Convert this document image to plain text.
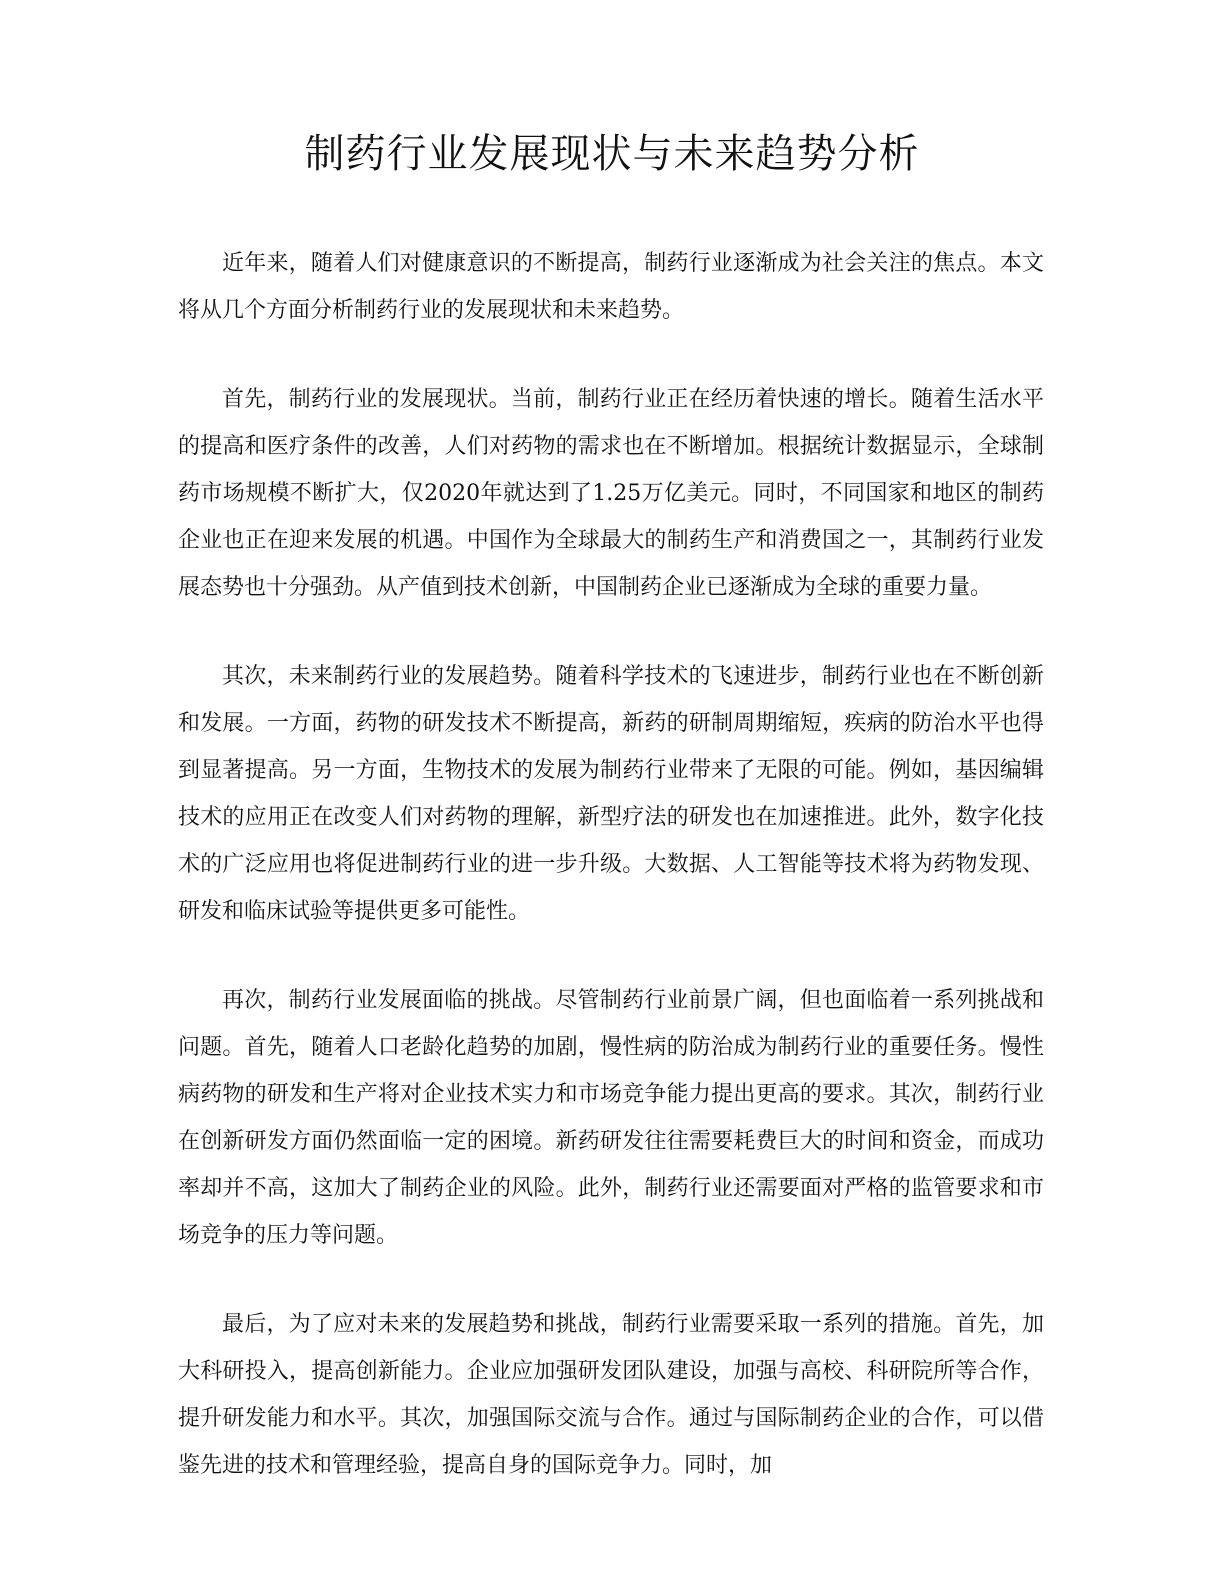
制药行业发展现状与未来趋势分析

近年来，随着人们对健康意识的不断提高，制药行业逐渐成为社会关注的焦点。本文将从几个方面分析制药行业的发展现状和未来趋势。

首先，制药行业的发展现状。当前，制药行业正在经历着快速的增长。随着生活水平的提高和医疗条件的改善，人们对药物的需求也在不断增加。根据统计数据显示，全球制药市场规模不断扩大，仅2020年就达到了1.25万亿美元。同时，不同国家和地区的制药企业也正在迎来发展的机遇。中国作为全球最大的制药生产和消费国之一，其制药行业发展态势也十分强劲。从产值到技术创新，中国制药企业已逐渐成为全球的重要力量。

其次，未来制药行业的发展趋势。随着科学技术的飞速进步，制药行业也在不断创新和发展。一方面，药物的研发技术不断提高，新药的研制周期缩短，疾病的防治水平也得到显著提高。另一方面，生物技术的发展为制药行业带来了无限的可能。例如，基因编辑技术的应用正在改变人们对药物的理解，新型疗法的研发也在加速推进。此外，数字化技术的广泛应用也将促进制药行业的进一步升级。大数据、人工智能等技术将为药物发现、研发和临床试验等提供更多可能性。

再次，制药行业发展面临的挑战。尽管制药行业前景广阔，但也面临着一系列挑战和问题。首先，随着人口老龄化趋势的加剧，慢性病的防治成为制药行业的重要任务。慢性病药物的研发和生产将对企业技术实力和市场竞争能力提出更高的要求。其次，制药行业在创新研发方面仍然面临一定的困境。新药研发往往需要耗费巨大的时间和资金，而成功率却并不高，这加大了制药企业的风险。此外，制药行业还需要面对严格的监管要求和市场竞争的压力等问题。

最后，为了应对未来的发展趋势和挑战，制药行业需要采取一系列的措施。首先，加大科研投入，提高创新能力。企业应加强研发团队建设，加强与高校、科研院所等合作，提升研发能力和水平。其次，加强国际交流与合作。通过与国际制药企业的合作，可以借鉴先进的技术和管理经验，提高自身的国际竞争力。同时，加
